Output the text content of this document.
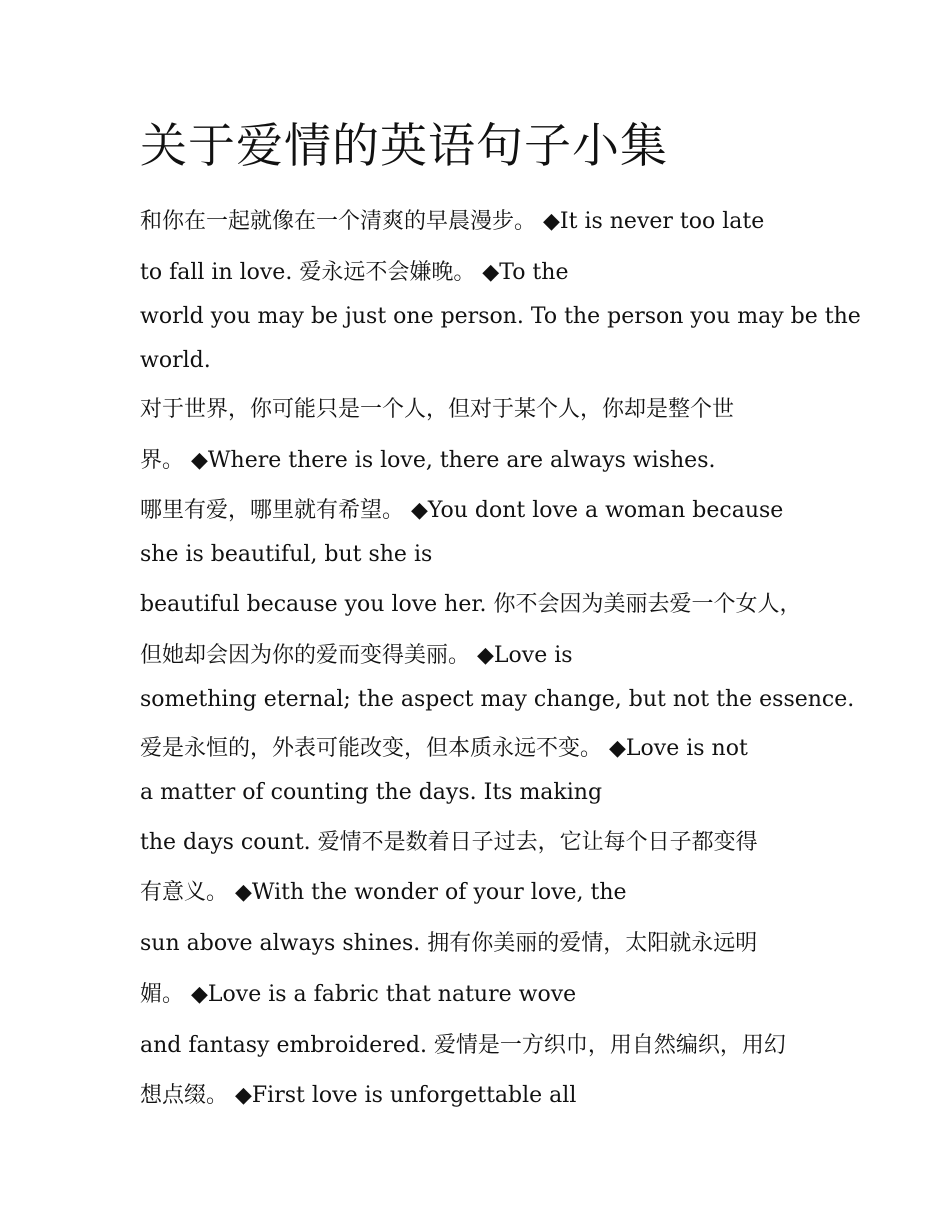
关于爱情的英语句子小集

和你在一起就像在一个清爽的早晨漫步。 ◆It is never too late

to fall in love. 爱永远不会嫌晚。 ◆To the

world you may be just one person. To the person you may be the

world.

对于世界，你可能只是一个人，但对于某个人，你却是整个世

界。 ◆Where there is love, there are always wishes.

哪里有爱，哪里就有希望。 ◆You dont love a woman because

she is beautiful, but she is

beautiful because you love her. 你不会因为美丽去爱一个女人，

但她却会因为你的爱而变得美丽。 ◆Love is

something eternal; the aspect may change, but not the essence.

爱是永恒的，外表可能改变，但本质永远不变。 ◆Love is not

a matter of counting the days. Its making

the days count. 爱情不是数着日子过去，它让每个日子都变得

有意义。 ◆With the wonder of your love, the

sun above always shines. 拥有你美丽的爱情，太阳就永远明

媚。 ◆Love is a fabric that nature wove

and fantasy embroidered. 爱情是一方织巾，用自然编织，用幻

想点缀。 ◆First love is unforgettable all
